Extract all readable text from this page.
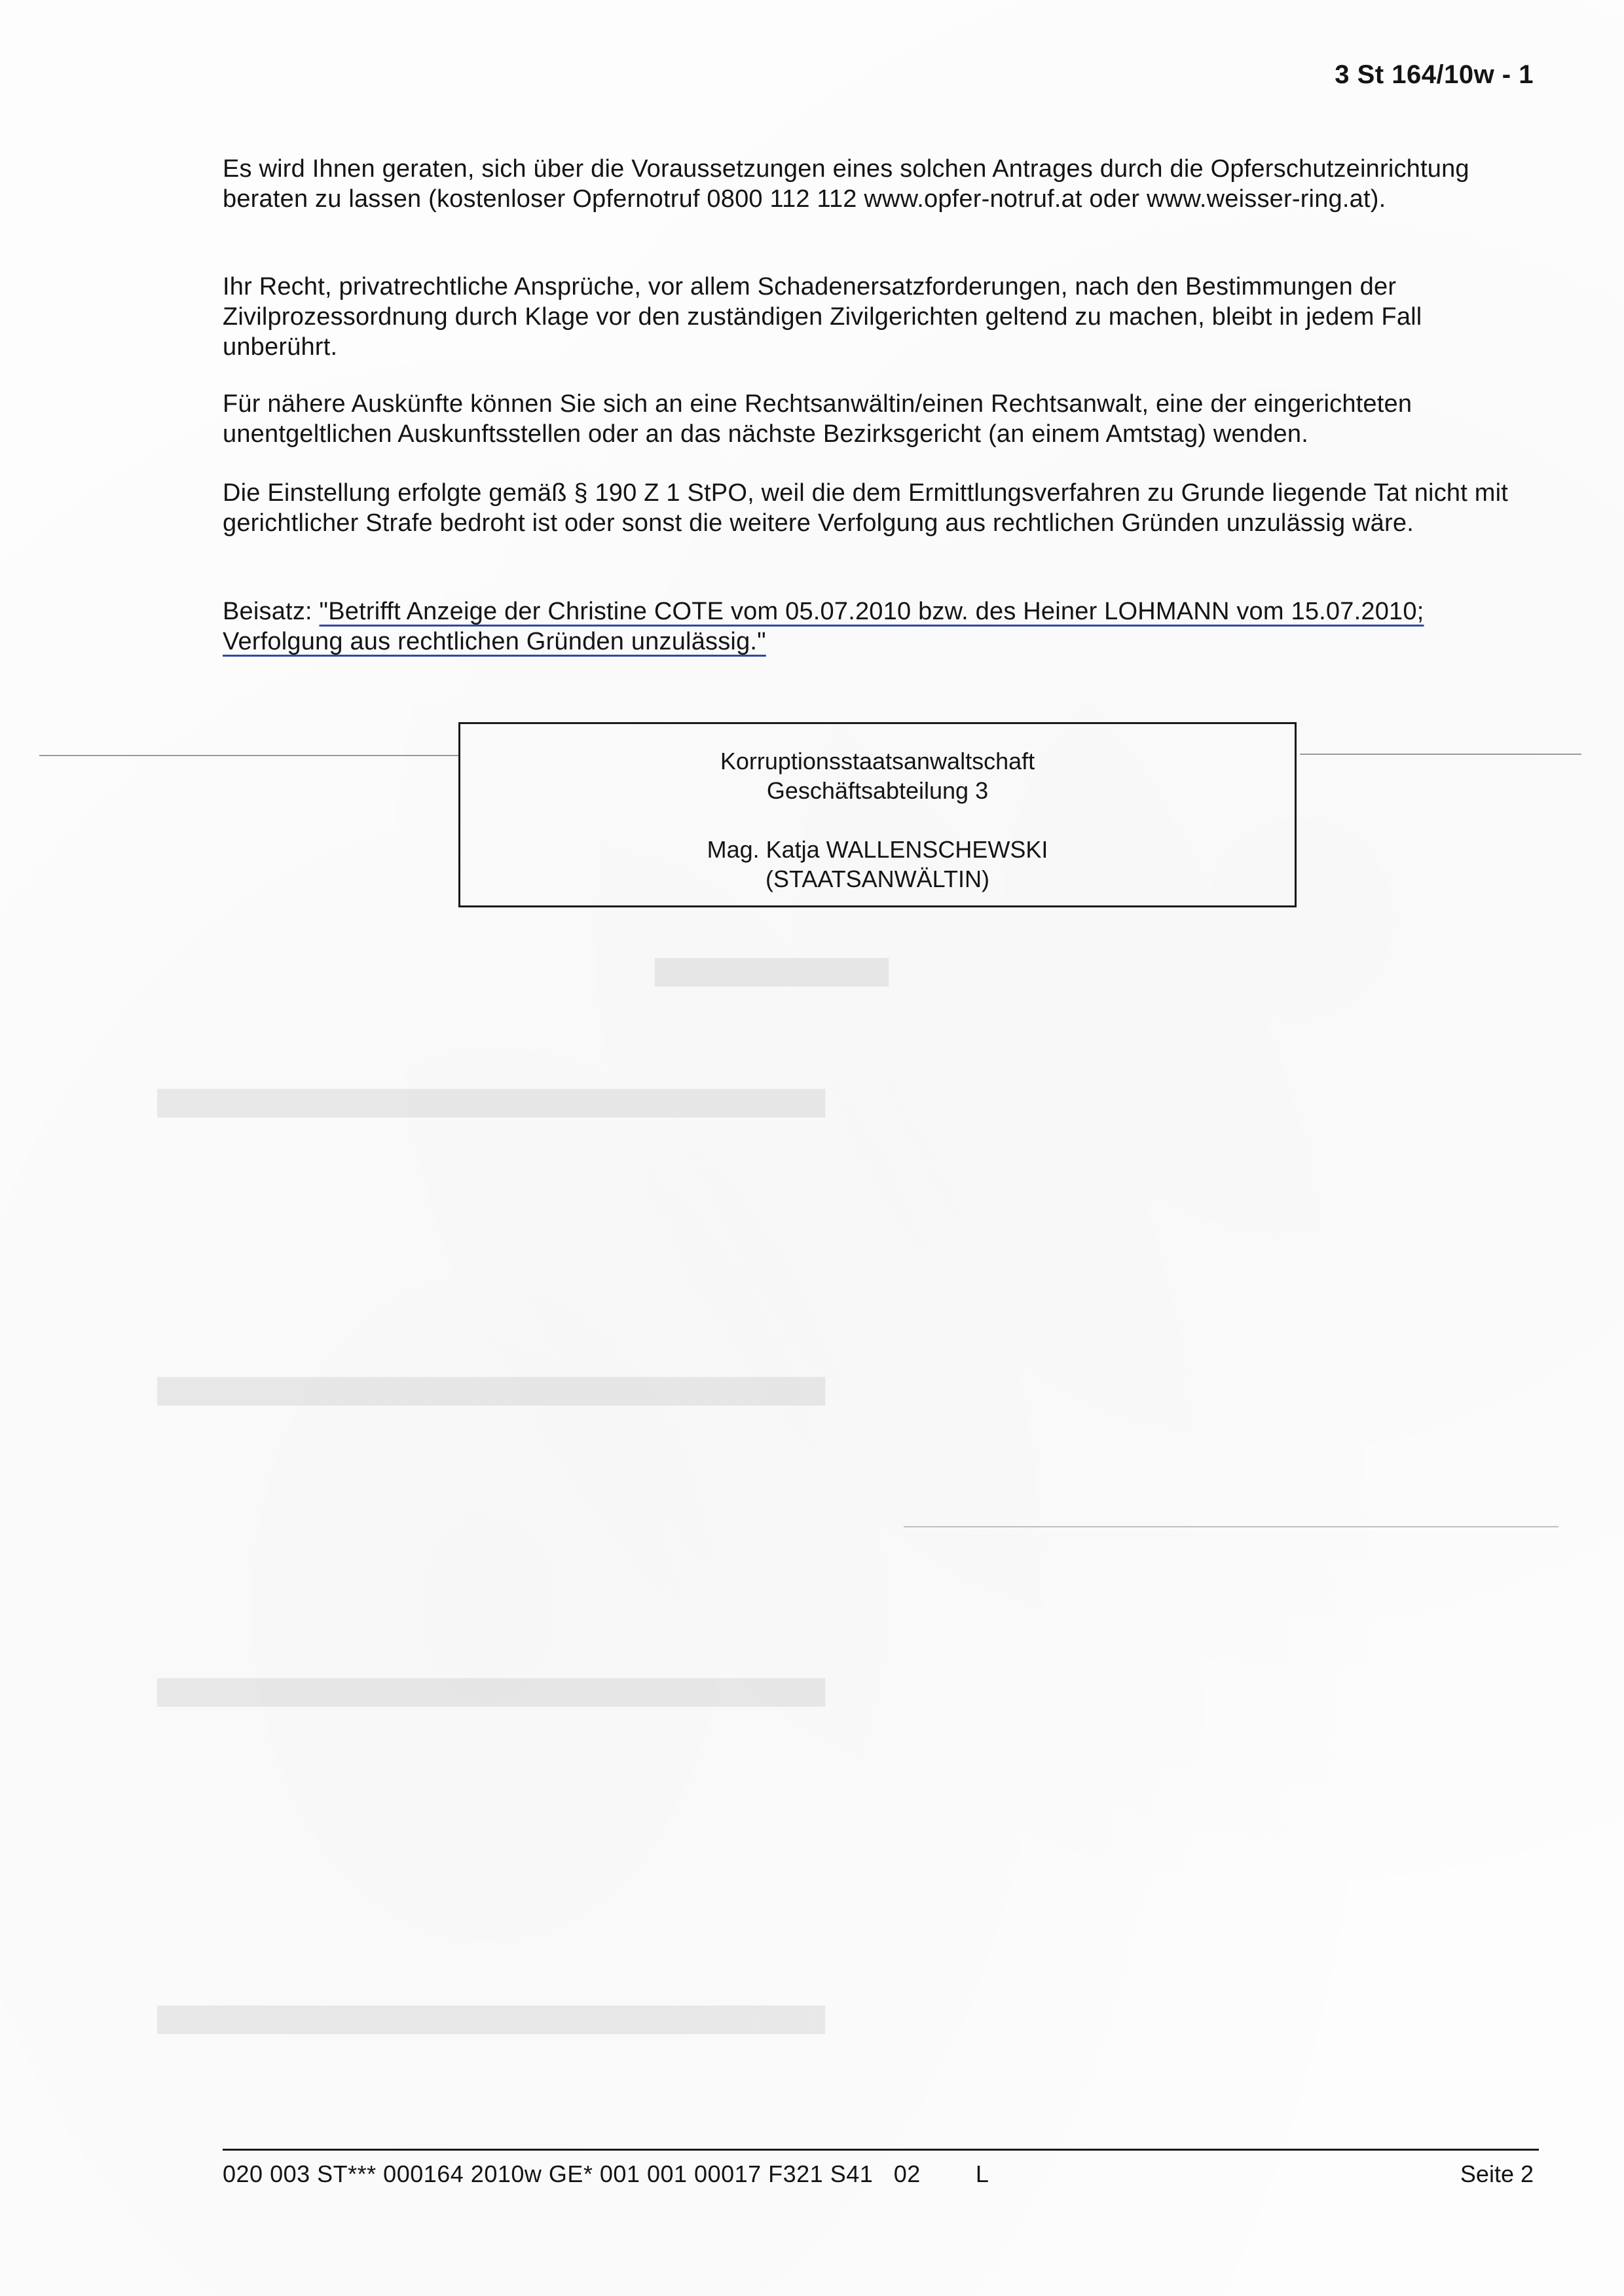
██████████████
████████████████████████████████████████
████████████████████████████████████████
████████████████████████████████████████
████████████████████████████████████████
3 St 164/10w - 1

Es wird Ihnen geraten, sich über die Voraussetzungen eines solchen Antrages durch die Opferschutzeinrichtung beraten zu lassen (kostenloser Opfernotruf 0800 112 112 www.opfer-notruf.at oder www.weisser-ring.at).

Ihr Recht, privatrechtliche Ansprüche, vor allem Schadenersatzforderungen, nach den Bestimmungen der Zivilprozessordnung durch Klage vor den zuständigen Zivilgerichten geltend zu machen, bleibt in jedem Fall unberührt.

Für nähere Auskünfte können Sie sich an eine Rechtsanwältin/einen Rechtsanwalt, eine der eingerichteten unentgeltlichen Auskunftsstellen oder an das nächste Bezirksgericht (an einem Amtstag) wenden.

Die Einstellung erfolgte gemäß § 190 Z 1 StPO, weil die dem Ermittlungsverfahren zu Grunde liegende Tat nicht mit gerichtlicher Strafe bedroht ist oder sonst die weitere Verfolgung aus rechtlichen Gründen unzulässig wäre.

Beisatz: "Betrifft Anzeige der Christine COTE vom 05.07.2010 bzw. des Heiner LOHMANN vom 15.07.2010; Verfolgung aus rechtlichen Gründen unzulässig."

Korruptionsstaatsanwaltschaft
Geschäftsabteilung 3
Mag. Katja WALLENSCHEWSKI
(STAATSANWÄLTIN)
020 003 ST*** 000164 2010w GE* 001 001 00017 F321 S41   02        L	Seite 2
